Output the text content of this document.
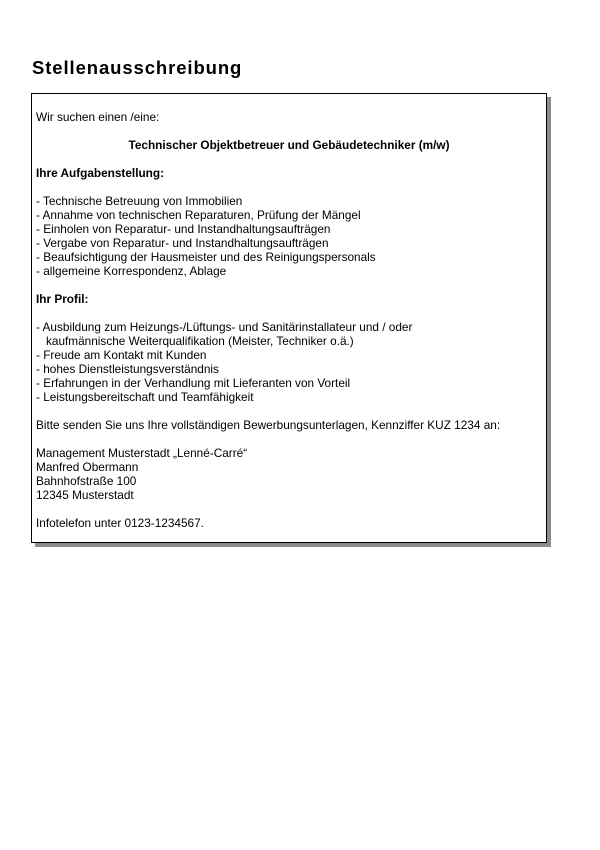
Stellenausschreibung

Wir suchen einen /eine:

Technischer Objektbetreuer und Gebäudetechniker (m/w)

Ihre Aufgabenstellung:

- Technische Betreuung von Immobilien
- Annahme von technischen Reparaturen, Prüfung der Mängel
- Einholen von Reparatur- und Instandhaltungsaufträgen
- Vergabe von Reparatur- und Instandhaltungsaufträgen
- Beaufsichtigung der Hausmeister und des Reinigungspersonals
- allgemeine Korrespondenz, Ablage

Ihr Profil:

- Ausbildung zum Heizungs-/Lüftungs- und Sanitärinstallateur und / oder
kaufmännische Weiterqualifikation (Meister, Techniker o.ä.)
- Freude am Kontakt mit Kunden
- hohes Dienstleistungsverständnis
- Erfahrungen in der Verhandlung mit Lieferanten von Vorteil
- Leistungsbereitschaft und Teamfähigkeit

Bitte senden Sie uns Ihre vollständigen Bewerbungsunterlagen, Kennziffer KUZ 1234 an:

Management Musterstadt „Lenné-Carré“
Manfred Obermann
Bahnhofstraße 100
12345 Musterstadt

Infotelefon unter 0123-1234567.
